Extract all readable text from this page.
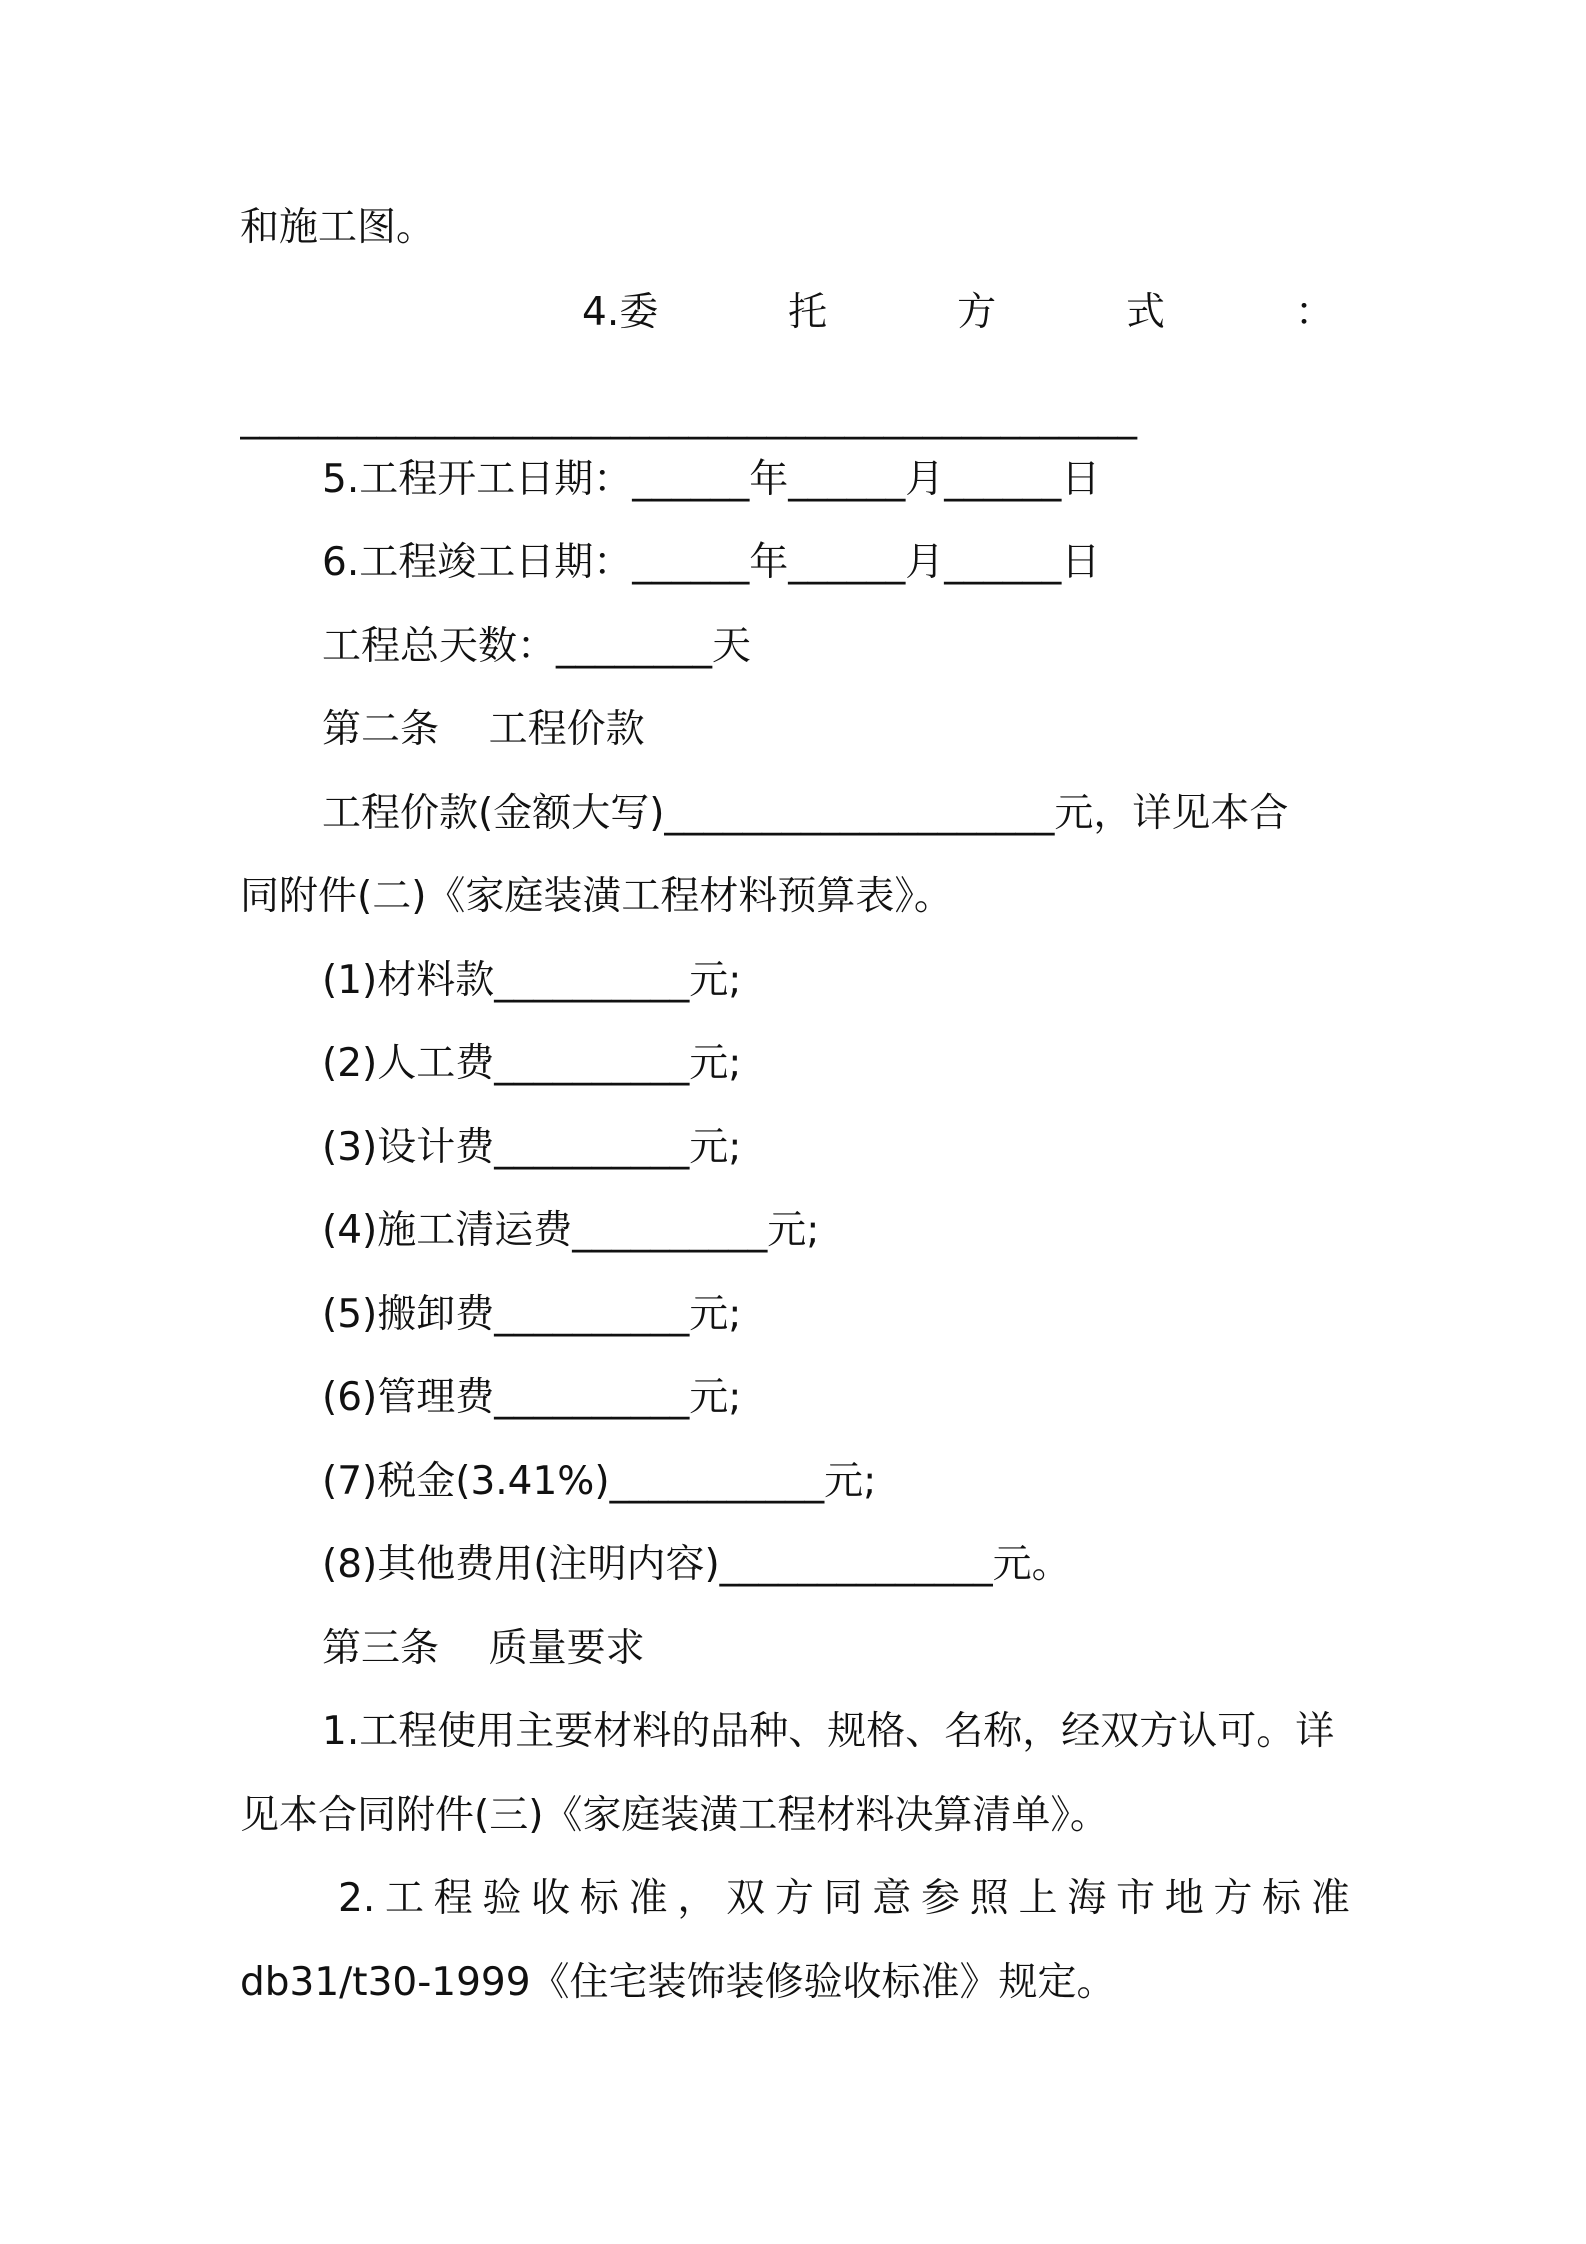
和施工图。
4.委	托	方	式	：
______________________________________________
5.工程开工日期：______年______月______日
6.工程竣工日期：______年______月______日
工程总天数：________天
第二条    工程价款
工程价款(金额大写)____________________元，详见本合
同附件(二)《家庭装潢工程材料预算表》。
(1)材料款__________元;
(2)人工费__________元;
(3)设计费__________元;
(4)施工清运费__________元;
(5)搬卸费__________元;
(6)管理费__________元;
(7)税金(3.41%)___________元;
(8)其他费用(注明内容)______________元。
第三条    质量要求
1.工程使用主要材料的品种、规格、名称，经双方认可。详
见本合同附件(三)《家庭装潢工程材料决算清单》。
2. 工 程 验 收 标 准 ， 双 方 同 意 参 照 上 海 市 地 方 标 准
db31/t30-1999《住宅装饰装修验收标准》规定。
